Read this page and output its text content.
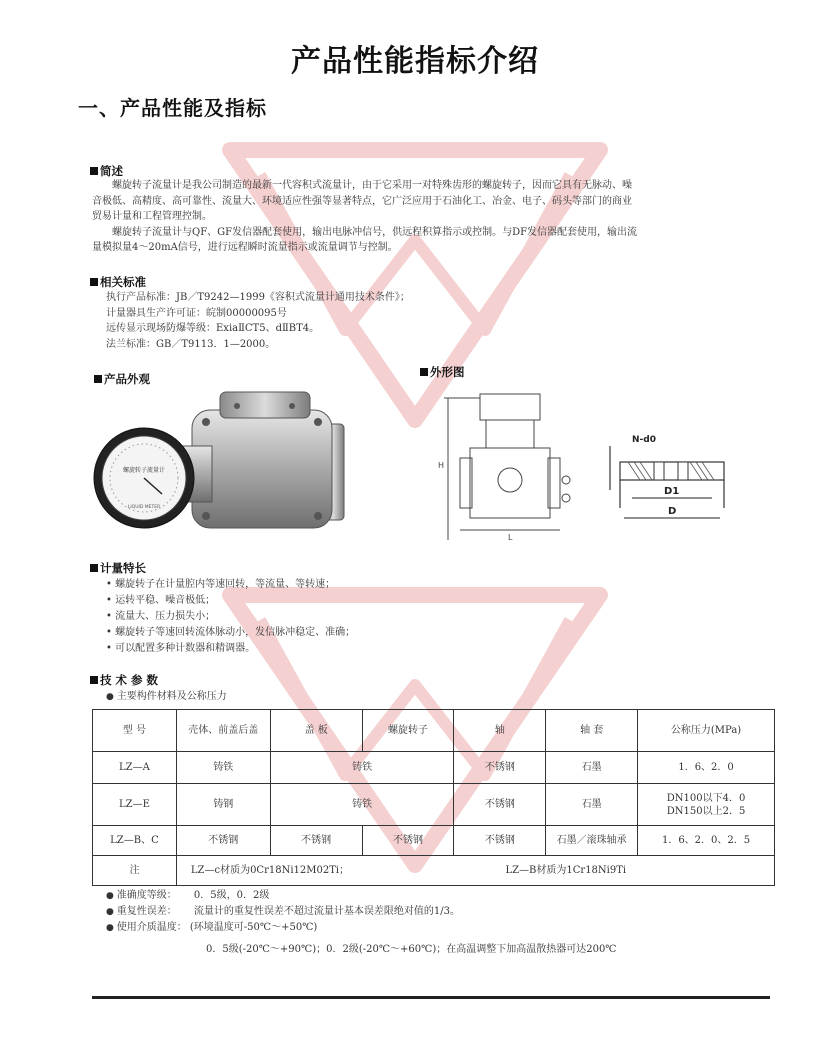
产品性能指标介绍
一、产品性能及指标
简述

螺旋转子流量计是我公司制造的最新一代容积式流量计，由于它采用一对特殊齿形的螺旋转子，因而它具有无脉动、噪

音极低、高精度、高可靠性、流量大、环境适应性强等显著特点，它广泛应用于石油化工、冶金、电子、码头等部门的商业

贸易计量和工程管理控制。

螺旋转子流量计与QF、GF发信器配套使用，输出电脉冲信号，供远程积算指示或控制。与DF发信器配套使用，输出流

量模拟量4～20mA信号，进行远程瞬时流量指示或流量调节与控制。

相关标准

执行产品标准：JB／T9242—1999《容积式流量计通用技术条件》；

计量器具生产许可证：皖制00000095号

远传显示现场防爆等级：ExiaⅡCT5、dⅡBT4。

法兰标准：GB／T9113．1—2000。

产品外观
螺旋转子流量计
LIQUID METER
外形图
H
L
N-d0
D1
D
计量特长
• 螺旋转子在计量腔内等速回转，等流量、等转速；
• 运转平稳、噪音极低；
• 流量大、压力损失小；
• 螺旋转子等速回转流体脉动小，发信脉冲稳定、准确；
• 可以配置多种计数器和精调器。
技 术 参 数
● 主要构件材料及公称压力
型 号	壳体、前盖后盖	盖 板	螺旋转子	轴	轴 套	公称压力(MPa)
LZ—A	铸铁	铸铁		不锈钢	石墨	1．6、2．0
LZ—E	铸钢	铸铁		不锈钢	石墨	DN100以下4．0
DN150以上2．5

LZ—B、C	不锈钢	不锈钢	不锈钢	不锈钢	石墨／滚珠轴承	1．6、2．0、2．5
注	LZ—c材质为0Cr18Ni12M02Ti； LZ—B材质为1Cr18Ni9Ti					
● 准确度等级： 0．5级，0．2级
● 重复性误差： 流量计的重复性误差不超过流量计基本误差限绝对值的1/3。
● 使用介质温度： (环境温度可-50℃～+50℃)
0．5级(-20℃～+90℃)；0．2级(-20℃～+60℃)；在高温调整下加高温散热器可达200℃
